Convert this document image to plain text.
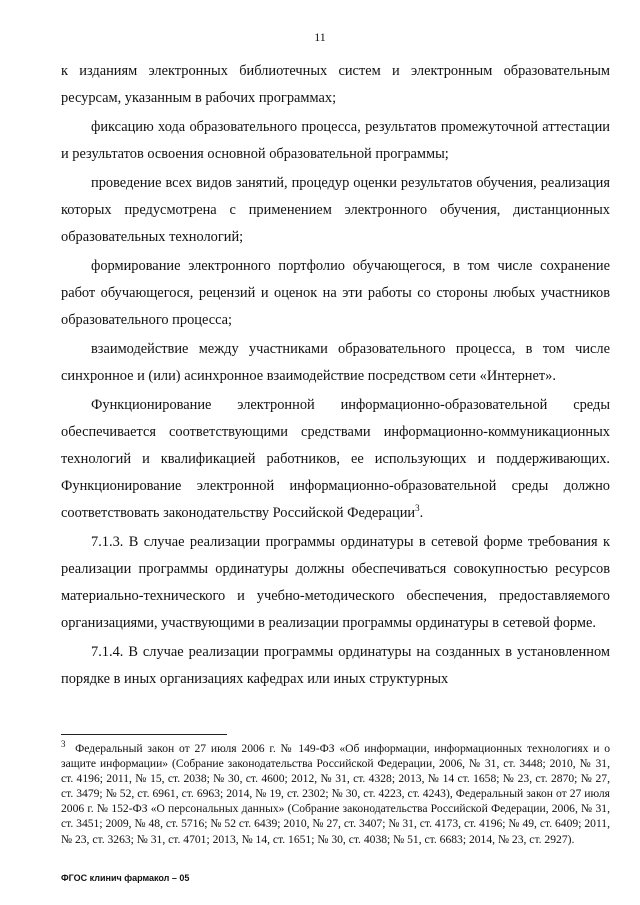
11

к изданиям электронных библиотечных систем и электронным образовательным ресурсам, указанным в рабочих программах;

фиксацию хода образовательного процесса, результатов промежуточной аттестации и результатов освоения основной образовательной программы;

проведение всех видов занятий, процедур оценки результатов обучения, реализация которых предусмотрена с применением электронного обучения, дистанционных образовательных технологий;

формирование электронного портфолио обучающегося, в том числе сохранение работ обучающегося, рецензий и оценок на эти работы со стороны любых участников образовательного процесса;

взаимодействие между участниками образовательного процесса, в том числе синхронное и (или) асинхронное взаимодействие посредством сети «Интернет».

Функционирование электронной информационно-образовательной среды обеспечивается соответствующими средствами информационно-коммуникационных технологий и квалификацией работников, ее использующих и поддерживающих. Функционирование электронной информационно-образовательной среды должно соответствовать законодательству Российской Федерации$^3$.

7.1.3. В случае реализации программы ординатуры в сетевой форме требования к реализации программы ординатуры должны обеспечиваться совокупностью ресурсов материально-технического и учебно-методического обеспечения, предоставляемого организациями, участвующими в реализации программы ординатуры в сетевой форме.

7.1.4. В случае реализации программы ординатуры на созданных в установленном порядке в иных организациях кафедрах или иных структурных

$^3$ Федеральный закон от 27 июля 2006 г. № 149-ФЗ «Об информации, информационных технологиях и о защите информации» (Собрание законодательства Российской Федерации, 2006, № 31, ст. 3448; 2010, № 31, ст. 4196; 2011, № 15, ст. 2038; № 30, ст. 4600; 2012, № 31, ст. 4328; 2013, № 14 ст. 1658; № 23, ст. 2870; № 27, ст. 3479; № 52, ст. 6961, ст. 6963; 2014, № 19, ст. 2302; № 30, ст. 4223, ст. 4243), Федеральный закон от 27 июля 2006 г. № 152-ФЗ «О персональных данных» (Собрание законодательства Российской Федерации, 2006, № 31, ст. 3451; 2009, № 48, ст. 5716; № 52 ст. 6439; 2010, № 27, ст. 3407; № 31, ст. 4173, ст. 4196; № 49, ст. 6409; 2011, № 23, ст. 3263; № 31, ст. 4701; 2013, № 14, ст. 1651; № 30, ст. 4038; № 51, ст. 6683; 2014, № 23, ст. 2927).

ФГОС клинич фармакол – 05
